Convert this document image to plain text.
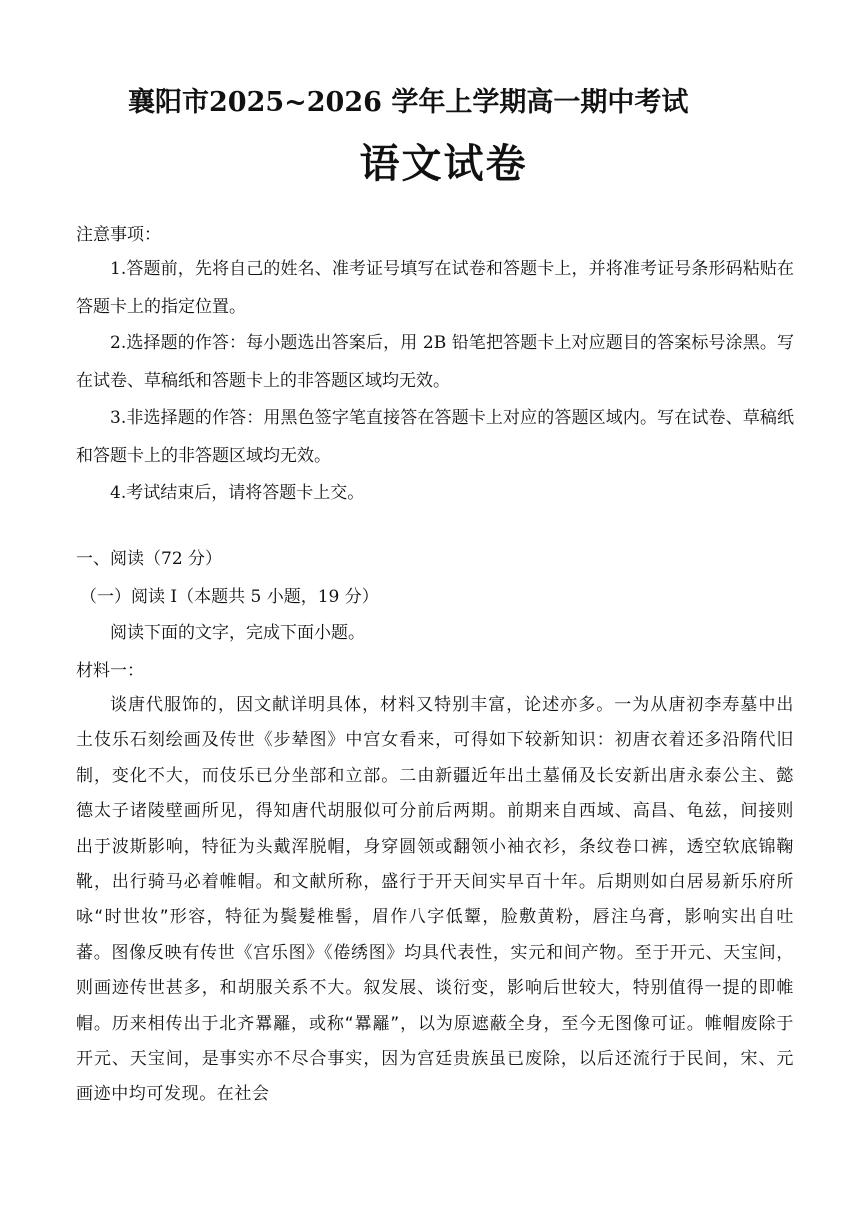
襄阳市2025~2026 学年上学期高一期中考试
语文试卷
注意事项：
1.答题前，先将自己的姓名、准考证号填写在试卷和答题卡上，并将准考证号条形码粘贴在答题卡上的指定位置。
2.选择题的作答：每小题选出答案后，用 2B 铅笔把答题卡上对应题目的答案标号涂黑。写在试卷、草稿纸和答题卡上的非答题区域均无效。
3.非选择题的作答：用黑色签字笔直接答在答题卡上对应的答题区域内。写在试卷、草稿纸和答题卡上的非答题区域均无效。
4.考试结束后，请将答题卡上交。
一、阅读（72 分）
（一）阅读 I（本题共 5 小题，19 分）
阅读下面的文字，完成下面小题。
材料一：
谈唐代服饰的，因文献详明具体，材料又特别丰富，论述亦多。一为从唐初李寿墓中出土伎乐石刻绘画及传世《步辇图》中宫女看来，可得如下较新知识：初唐衣着还多沿隋代旧制，变化不大，而伎乐已分坐部和立部。二由新疆近年出土墓俑及长安新出唐永泰公主、懿德太子诸陵壁画所见，得知唐代胡服似可分前后两期。前期来自西域、高昌、龟兹，间接则出于波斯影响，特征为头戴浑脱帽，身穿圆领或翻领小袖衣衫，条纹卷口裤，透空软底锦鞠靴，出行骑马必着帷帽。和文献所称，盛行于开天间实早百十年。后期则如白居易新乐府所咏“时世妆”形容，特征为鬓髮椎髻，眉作八字低颦，脸敷黄粉，唇注乌膏，影响实出自吐蕃。图像反映有传世《宫乐图》《倦绣图》均具代表性，实元和间产物。至于开元、天宝间，则画迹传世甚多，和胡服关系不大。叙发展、谈衍变，影响后世较大，特别值得一提的即帷帽。历来相传出于北齐羃䍦，或称“羃䍦”，以为原遮蔽全身，至今无图像可证。帷帽废除于开元、天宝间，是事实亦不尽合事实，因为宫廷贵族虽已废除，以后还流行于民间，宋、元画迹中均可发现。在社会
